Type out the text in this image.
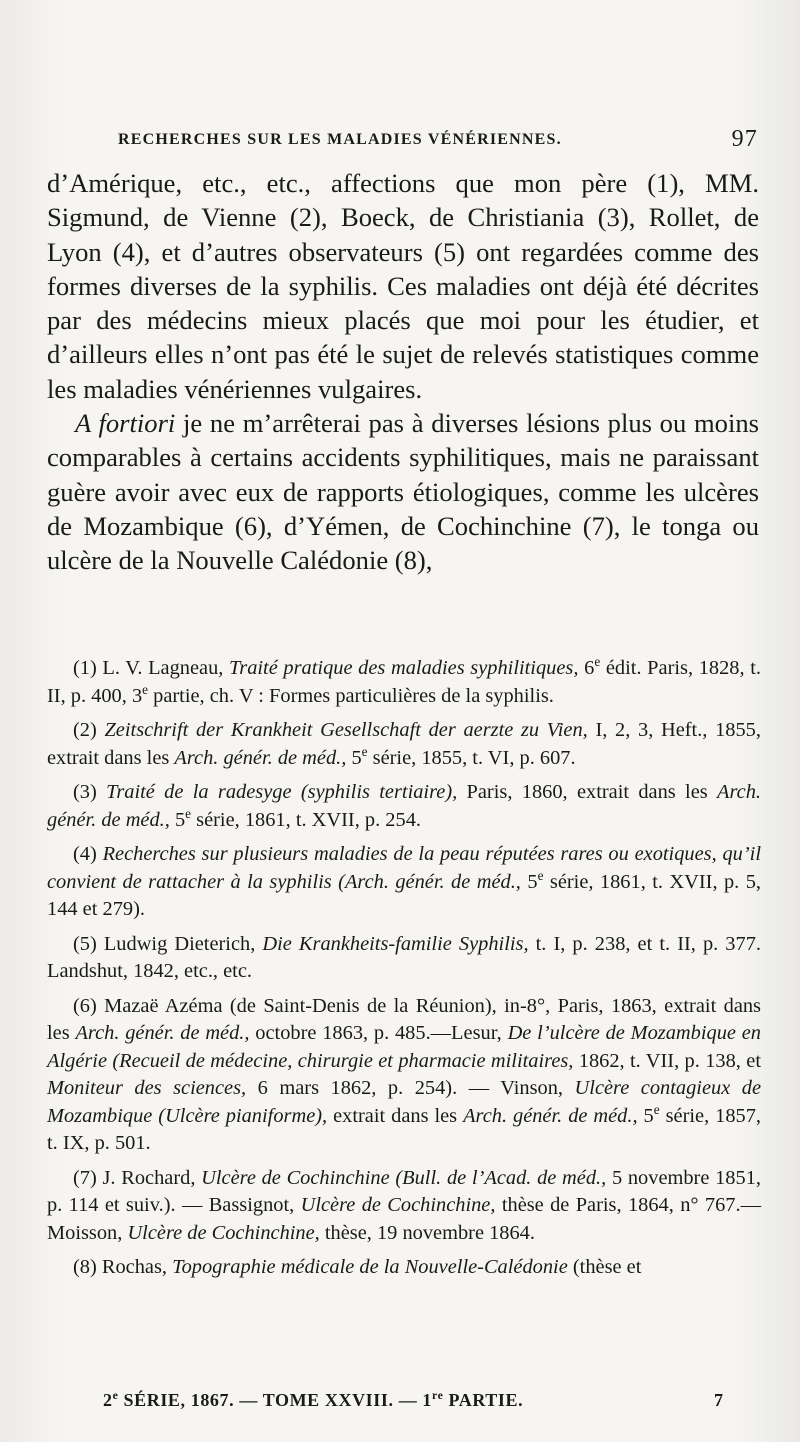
RECHERCHES SUR LES MALADIES VÉNÉRIENNES.	97

d’Amérique, etc., etc., affections que mon père (1), MM. Sigmund, de Vienne (2), Boeck, de Christiania (3), Rollet, de Lyon (4), et d’autres observateurs (5) ont regardées comme des formes diverses de la syphilis. Ces maladies ont déjà été décrites par des médecins mieux placés que moi pour les étudier, et d’ailleurs elles n’ont pas été le sujet de relevés statistiques comme les maladies vénériennes vulgaires.

A fortiori je ne m’arrêterai pas à diverses lésions plus ou moins comparables à certains accidents syphilitiques, mais ne paraissant guère avoir avec eux de rapports étiologiques, comme les ulcères de Mozambique (6), d’Yémen, de Cochinchine (7), le tonga ou ulcère de la Nouvelle Calédonie (8),

(1) L. V. Lagneau, Traité pratique des maladies syphilitiques, 6e édit. Paris, 1828, t. II, p. 400, 3e partie, ch. V : Formes particulières de la syphilis.

(2) Zeitschrift der Krankheit Gesellschaft der aerzte zu Vien, I, 2, 3, Heft., 1855, extrait dans les Arch. génér. de méd., 5e série, 1855, t. VI, p. 607.

(3) Traité de la radesyge (syphilis tertiaire), Paris, 1860, extrait dans les Arch. génér. de méd., 5e série, 1861, t. XVII, p. 254.

(4) Recherches sur plusieurs maladies de la peau réputées rares ou exotiques, qu’il convient de rattacher à la syphilis (Arch. génér. de méd., 5e série, 1861, t. XVII, p. 5, 144 et 279).

(5) Ludwig Dieterich, Die Krankheits-familie Syphilis, t. I, p. 238, et t. II, p. 377. Landshut, 1842, etc., etc.

(6) Mazaë Azéma (de Saint-Denis de la Réunion), in-8°, Paris, 1863, extrait dans les Arch. génér. de méd., octobre 1863, p. 485.—Lesur, De l’ulcère de Mozambique en Algérie (Recueil de médecine, chirurgie et pharmacie militaires, 1862, t. VII, p. 138, et Moniteur des sciences, 6 mars 1862, p. 254). — Vinson, Ulcère contagieux de Mozambique (Ulcère pianiforme), extrait dans les Arch. génér. de méd., 5e série, 1857, t. IX, p. 501.

(7) J. Rochard, Ulcère de Cochinchine (Bull. de l’Acad. de méd., 5 novembre 1851, p. 114 et suiv.). — Bassignot, Ulcère de Cochinchine, thèse de Paris, 1864, n° 767.— Moisson, Ulcère de Cochinchine, thèse, 19 novembre 1864.

(8) Rochas, Topographie médicale de la Nouvelle-Calédonie (thèse et

2e SÉRIE, 1867. — TOME XXVIII. — 1re PARTIE.	7
